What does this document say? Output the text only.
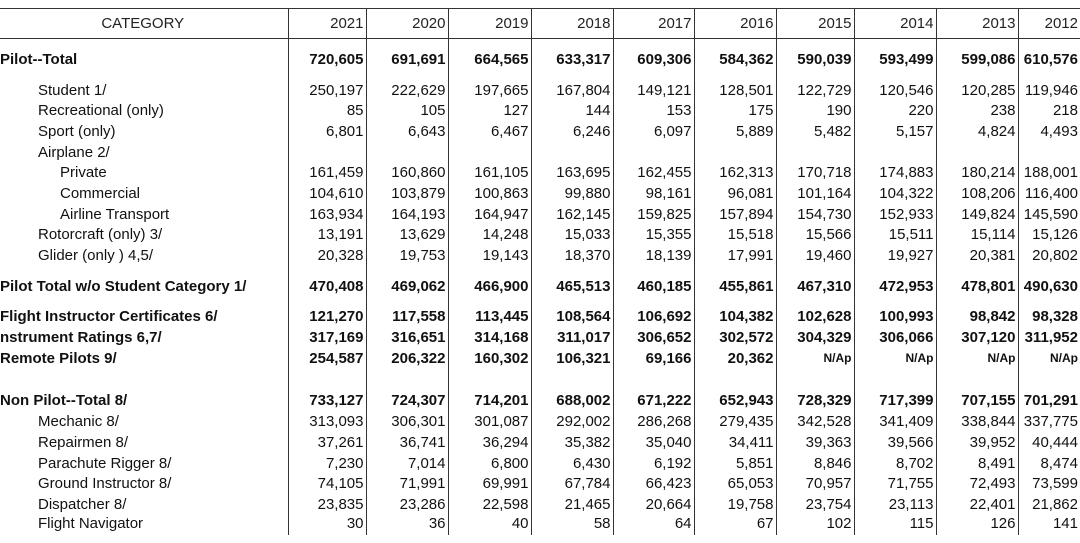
CATEGORY	2021	2020	2019	2018	2017	2016	2015	2014	2013	2012

Pilot--Total	720,605	691,691	664,565	633,317	609,306	584,362	590,039	593,499	599,086	610,576

Student 1/	250,197	222,629	197,665	167,804	149,121	128,501	122,729	120,546	120,285	119,946
Recreational (only)	85	105	127	144	153	175	190	220	238	218
Sport (only)	6,801	6,643	6,467	6,246	6,097	5,889	5,482	5,157	4,824	4,493
Airplane 2/										
Private	161,459	160,860	161,105	163,695	162,455	162,313	170,718	174,883	180,214	188,001
Commercial	104,610	103,879	100,863	99,880	98,161	96,081	101,164	104,322	108,206	116,400
Airline Transport	163,934	164,193	164,947	162,145	159,825	157,894	154,730	152,933	149,824	145,590
Rotorcraft (only) 3/	13,191	13,629	14,248	15,033	15,355	15,518	15,566	15,511	15,114	15,126
Glider (only ) 4,5/	20,328	19,753	19,143	18,370	18,139	17,991	19,460	19,927	20,381	20,802

Pilot Total w/o Student Category 1/	470,408	469,062	466,900	465,513	460,185	455,861	467,310	472,953	478,801	490,630

Flight Instructor Certificates 6/	121,270	117,558	113,445	108,564	106,692	104,382	102,628	100,993	98,842	98,328
nstrument Ratings 6,7/	317,169	316,651	314,168	311,017	306,652	302,572	304,329	306,066	307,120	311,952
Remote Pilots 9/	254,587	206,322	160,302	106,321	69,166	20,362	N/Ap	N/Ap	N/Ap	N/Ap

Non Pilot--Total 8/	733,127	724,307	714,201	688,002	671,222	652,943	728,329	717,399	707,155	701,291
Mechanic 8/	313,093	306,301	301,087	292,002	286,268	279,435	342,528	341,409	338,844	337,775
Repairmen 8/	37,261	36,741	36,294	35,382	35,040	34,411	39,363	39,566	39,952	40,444
Parachute Rigger 8/	7,230	7,014	6,800	6,430	6,192	5,851	8,846	8,702	8,491	8,474
Ground Instructor 8/	74,105	71,991	69,991	67,784	66,423	65,053	70,957	71,755	72,493	73,599
Dispatcher 8/	23,835	23,286	22,598	21,465	20,664	19,758	23,754	23,113	22,401	21,862
Flight Navigator	30	36	40	58	64	67	102	115	126	141
